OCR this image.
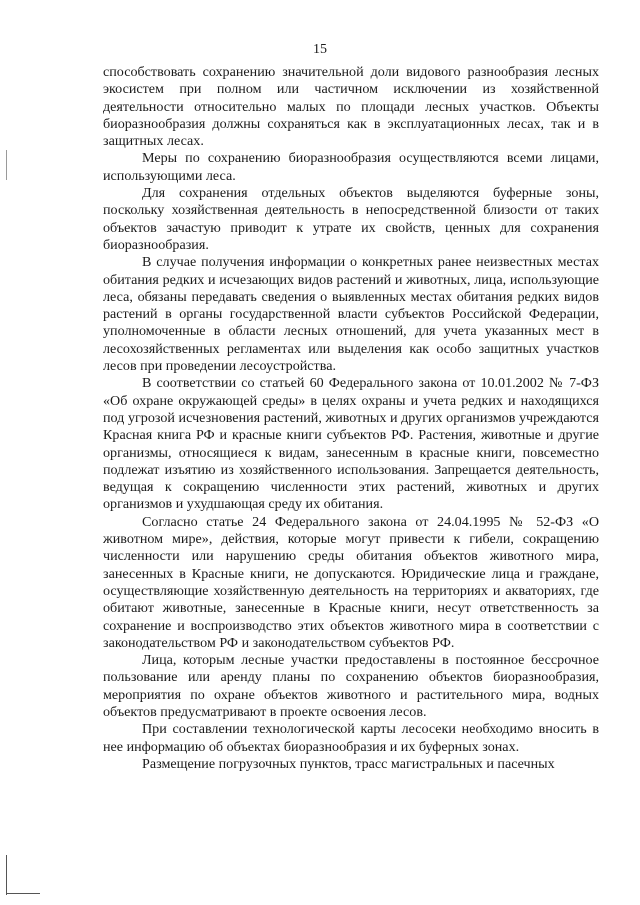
15

способствовать сохранению значительной доли видового разнообразия лесных экосистем при полном или частичном исключении из хозяйственной деятельности относительно малых по площади лесных участков. Объекты биоразнообразия должны сохраняться как в эксплуатационных лесах, так и в защитных лесах.

Меры по сохранению биоразнообразия осуществляются всеми лицами, использующими леса.

Для сохранения отдельных объектов выделяются буферные зоны, поскольку хозяйственная деятельность в непосредственной близости от таких объектов зачастую приводит к утрате их свойств, ценных для сохранения биоразнообразия.

В случае получения информации о конкретных ранее неизвестных местах обитания редких и исчезающих видов растений и животных, лица, использующие леса, обязаны передавать сведения о выявленных местах обитания редких видов растений в органы государственной власти субъектов Российской Федерации, уполномоченные в области лесных отношений, для учета указанных мест в лесохозяйственных регламентах или выделения как особо защитных участков лесов при проведении лесоустройства.

В соответствии со статьей 60 Федерального закона от 10.01.2002 № 7-ФЗ «Об охране окружающей среды» в целях охраны и учета редких и находящихся под угрозой исчезновения растений, животных и других организмов учреждаются Красная книга РФ и красные книги субъектов РФ. Растения, животные и другие организмы, относящиеся к видам, занесенным в красные книги, повсеместно подлежат изъятию из хозяйственного использования. Запрещается деятельность, ведущая к сокращению численности этих растений, животных и других организмов и ухудшающая среду их обитания.

Согласно статье 24 Федерального закона от 24.04.1995 № 52-ФЗ «О животном мире», действия, которые могут привести к гибели, сокращению численности или нарушению среды обитания объектов животного мира, занесенных в Красные книги, не допускаются. Юридические лица и граждане, осуществляющие хозяйственную деятельность на территориях и акваториях, где обитают животные, занесенные в Красные книги, несут ответственность за сохранение и воспроизводство этих объектов животного мира в соответствии с законодательством РФ и законодательством субъектов РФ.

Лица, которым лесные участки предоставлены в постоянное бессрочное пользование или аренду планы по сохранению объектов биоразнообразия, мероприятия по охране объектов животного и растительного мира, водных объектов предусматривают в проекте освоения лесов.

При составлении технологической карты лесосеки необходимо вносить в нее информацию об объектах биоразнообразия и их буферных зонах.

Размещение погрузочных пунктов, трасс магистральных и пасечных
